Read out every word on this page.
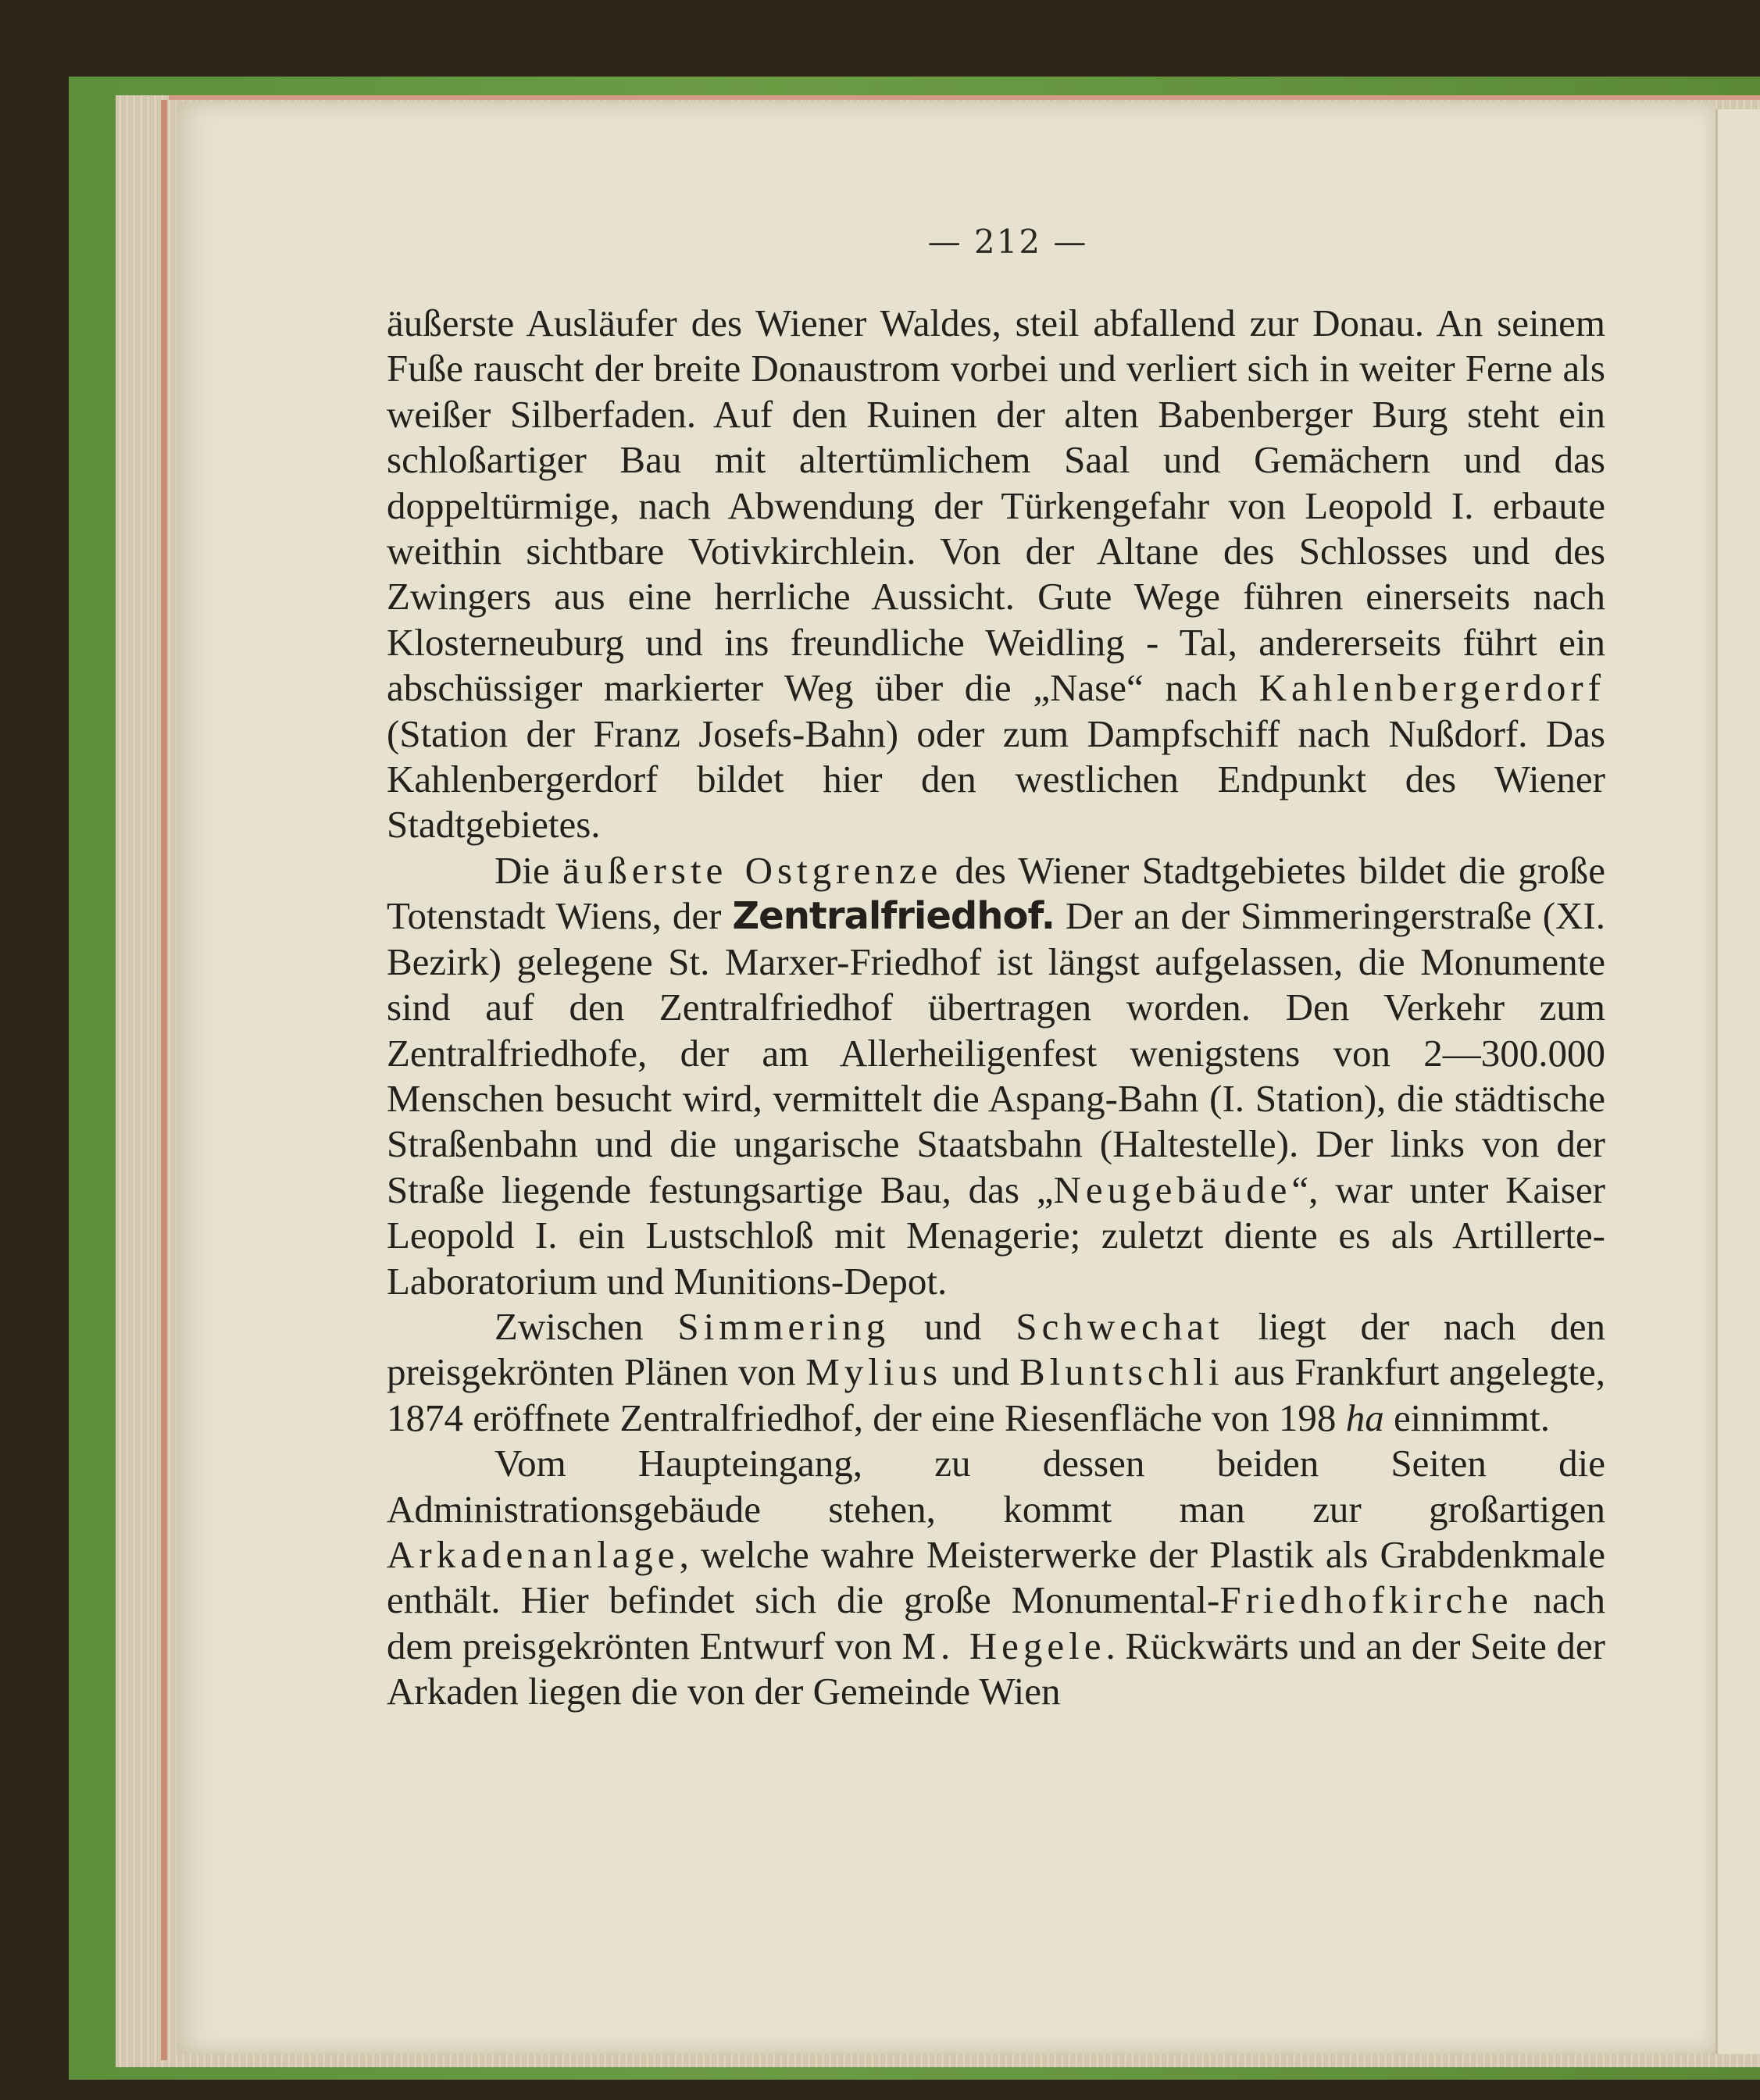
— 212 —

äußerste Ausläufer des Wiener Waldes, steil abfallend zur Donau. An seinem Fuße rauscht der breite Donaustrom vorbei und verliert sich in weiter Ferne als weißer Silberfaden. Auf den Ruinen der alten Babenberger Burg steht ein schloßartiger Bau mit altertümlichem Saal und Gemächern und das doppeltürmige, nach Abwendung der Türkengefahr von Leopold I. erbaute weithin sichtbare Votivkirchlein. Von der Altane des Schlosses und des Zwingers aus eine herrliche Aussicht. Gute Wege führen einerseits nach Klosterneuburg und ins freundliche Weidling - Tal, andererseits führt ein abschüssiger markierter Weg über die „Nase“ nach Kahlenbergerdorf (Station der Franz Josefs-Bahn) oder zum Dampfschiff nach Nußdorf. Das Kahlenbergerdorf bildet hier den westlichen Endpunkt des Wiener Stadtgebietes.

Die äußerste Ostgrenze des Wiener Stadtgebietes bildet die große Totenstadt Wiens, der Zentralfriedhof. Der an der Simmeringerstraße (XI. Bezirk) gelegene St. Marxer-Friedhof ist längst aufgelassen, die Monumente sind auf den Zentralfriedhof übertragen worden. Den Verkehr zum Zentralfriedhofe, der am Allerheiligenfest wenigstens von 2—300.000 Menschen besucht wird, vermittelt die Aspang-Bahn (I. Station), die städtische Straßenbahn und die ungarische Staatsbahn (Haltestelle). Der links von der Straße liegende festungsartige Bau, das „Neugebäude“, war unter Kaiser Leopold I. ein Lustschloß mit Menagerie; zuletzt diente es als Artillerte-Laboratorium und Munitions-Depot.

Zwischen Simmering und Schwechat liegt der nach den preisgekrönten Plänen von Mylius und Bluntschli aus Frankfurt angelegte, 1874 eröffnete Zentralfriedhof, der eine Riesenfläche von 198 ha einnimmt.

Vom Haupteingang, zu dessen beiden Seiten die Administrationsgebäude stehen, kommt man zur großartigen Arkadenanlage, welche wahre Meisterwerke der Plastik als Grabdenkmale enthält. Hier befindet sich die große Monumental-Friedhofkirche nach dem preisgekrönten Entwurf von M. Hegele. Rückwärts und an der Seite der Arkaden liegen die von der Gemeinde Wien
